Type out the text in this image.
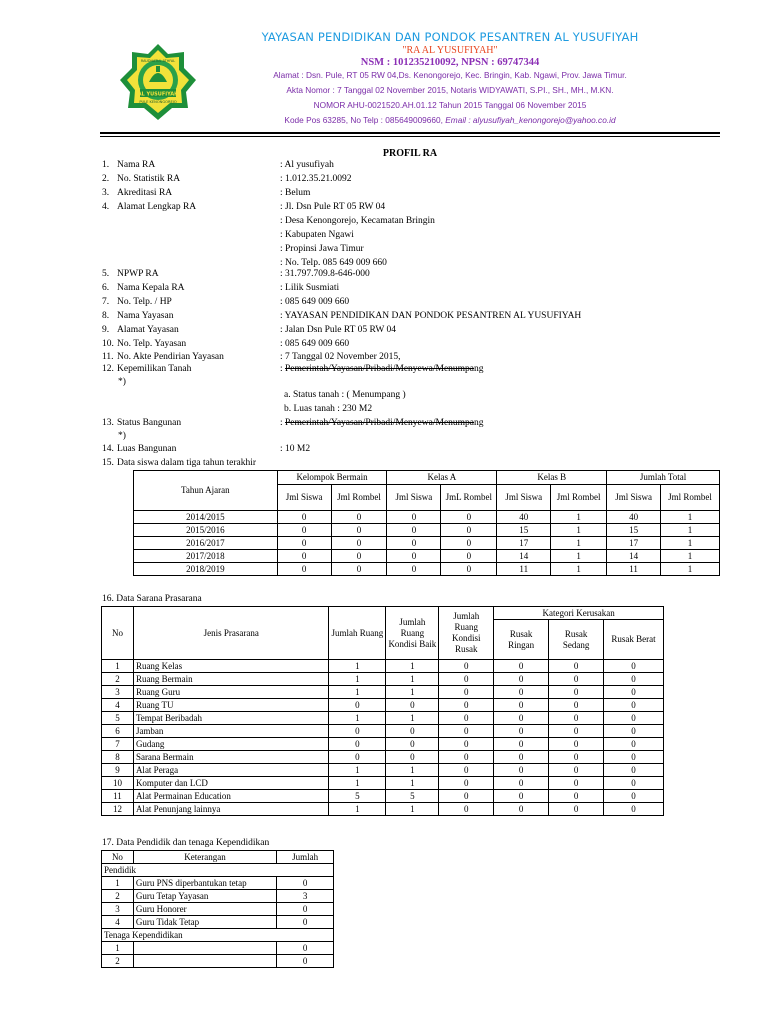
AL YUSUFIYAH
PULE KENONGOREJO
RAUDHATUL ATHFAL
YAYASAN PENDIDIKAN DAN PONDOK PESANTREN AL YUSUFIYAH
"RA AL YUSUFIYAH"
NSM : 101235210092, NPSN : 69747344
Alamat : Dsn. Pule, RT 05 RW 04,Ds. Kenongorejo, Kec. Bringin, Kab. Ngawi, Prov. Jawa Timur.
Akta Nomor : 7 Tanggal 02 November 2015, Notaris WIDYAWATI, S.PI., SH., MH., M.KN.
NOMOR AHU-0021520.AH.01.12 Tahun 2015 Tanggal 06 November 2015
Kode Pos 63285, No Telp : 085649009660, Email : alyusufiyah_kenongorejo@yahoo.co.id
PROFIL RA
1. Nama RA	: Al yusufiyah
2. No. Statistik RA	: 1.012.35.21.0092
3. Akreditasi RA	: Belum
4. Alamat Lengkap RA	: Jl. Dsn Pule RT 05 RW 04
: Desa Kenongorejo, Kecamatan Bringin
: Kabupaten Ngawi
: Propinsi Jawa Timur
: No. Telp. 085 649 009 660
5. NPWP RA	: 31.797.709.8-646-000
6. Nama Kepala RA	: Lilik Susmiati
7. No. Telp. / HP	: 085 649 009 660
8. Nama Yayasan	: YAYASAN PENDIDIKAN DAN PONDOK PESANTREN AL YUSUFIYAH
9. Alamat Yayasan	: Jalan Dsn Pule RT 05 RW 04
10. No. Telp. Yayasan	: 085 649 009 660
11. No. Akte Pendirian Yayasan	: 7 Tanggal 02 November 2015,
12. Kepemilikan Tanah	: Pemerintah/Yayasan/Pribadi/Menyewa/Menumpang
*)
a. Status tanah : ( Menumpang )
b. Luas tanah : 230 M2
13. Status Bangunan	: Pemerintah/Yayasan/Pribadi/Menyewa/Menumpang
*)
14. Luas Bangunan	: 10 M2
15. Data siswa dalam tiga tahun terakhir
Tahun Ajaran	Kelompok Bermain		Kelas A		Kelas B		Jumlah Total	
	Jml Siswa	Jml Rombel	Jml Siswa	JmL Rombel	Jml Siswa	Jml Rombel	Jml Siswa	Jml Rombel
2014/2015	0	0	0	0	40	1	40	1
2015/2016	0	0	0	0	15	1	15	1
2016/2017	0	0	0	0	17	1	17	1
2017/2018	0	0	0	0	14	1	14	1
2018/2019	0	0	0	0	11	1	11	1
16. Data Sarana Prasarana
No	Jenis Prasarana	Jumlah Ruang	Jumlah Ruang Kondisi Baik	Jumlah Ruang Kondisi Rusak	Kategori Kerusakan		
					Rusak Ringan	Rusak Sedang	Rusak Berat
1	Ruang Kelas	1	1	0	0	0	0
2	Ruang Bermain	1	1	0	0	0	0
3	Ruang Guru	1	1	0	0	0	0
4	Ruang TU	0	0	0	0	0	0
5	Tempat Beribadah	1	1	0	0	0	0
6	Jamban	0	0	0	0	0	0
7	Gudang	0	0	0	0	0	0
8	Sarana Bermain	0	0	0	0	0	0
9	Alat Peraga	1	1	0	0	0	0
10	Komputer dan LCD	1	1	0	0	0	0
11	Alat Permainan Education	5	5	0	0	0	0
12	Alat Penunjang lainnya	1	1	0	0	0	0
17. Data Pendidik dan tenaga Kependidikan
No	Keterangan	Jumlah
Pendidik		
1	Guru PNS diperbantukan tetap	0
2	Guru Tetap Yayasan	3
3	Guru Honorer	0
4	Guru Tidak Tetap	0
Tenaga Kependidikan		
1		0
2		0
